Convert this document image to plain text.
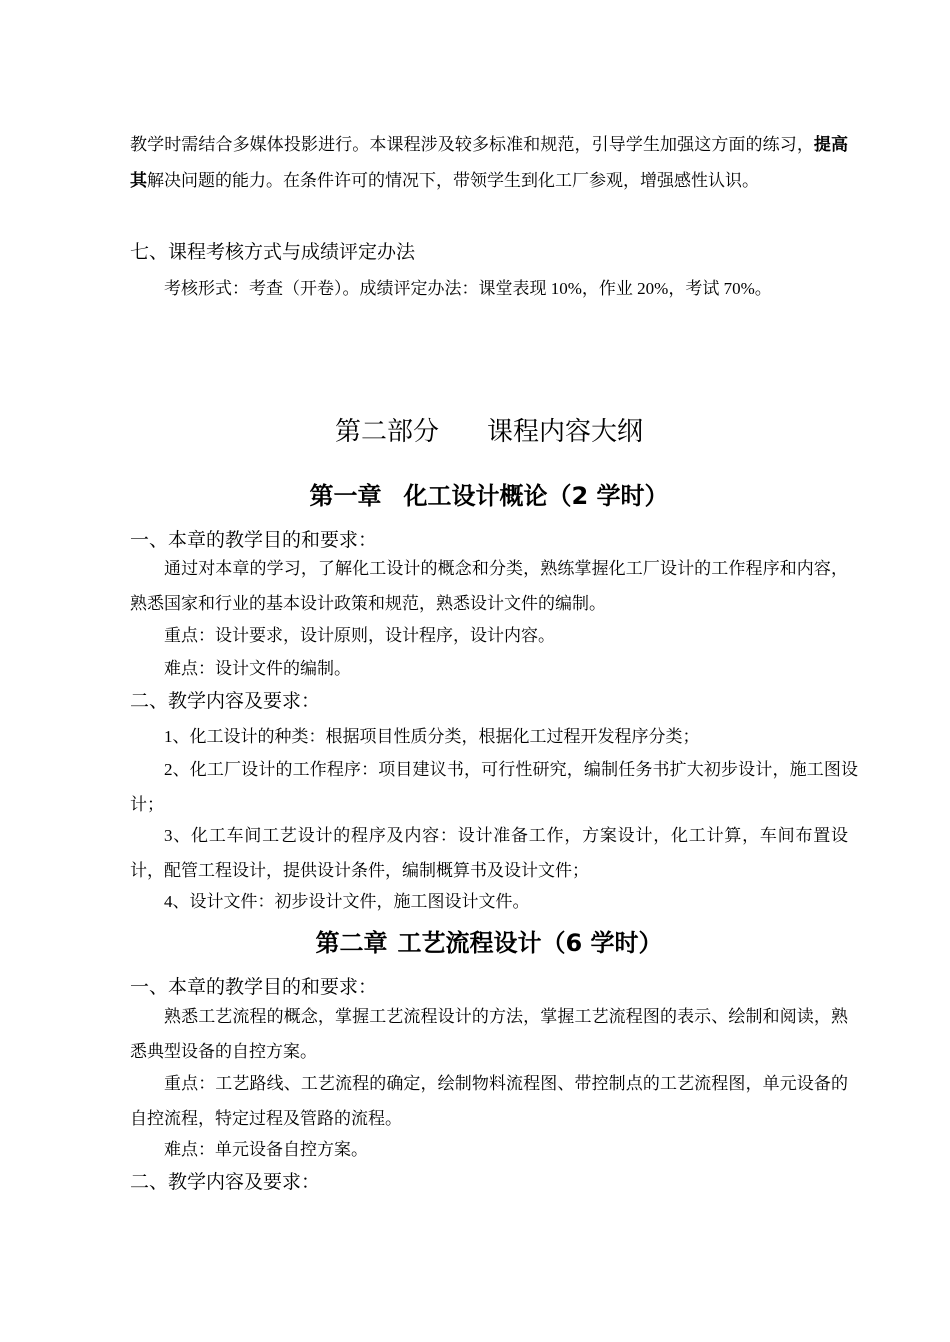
教学时需结合多媒体投影进行。本课程涉及较多标准和规范，引导学生加强这方面的练习，提高其解决问题的能力。在条件许可的情况下，带领学生到化工厂参观，增强感性认识。

七、课程考核方式与成绩评定办法

考核形式：考查（开卷）。成绩评定办法：课堂表现 10%，作业 20%，考试 70%。

第二部分 课程内容大纲
第一章 化工设计概论（2 学时）
一、本章的教学目的和要求：

通过对本章的学习，了解化工设计的概念和分类，熟练掌握化工厂设计的工作程序和内容，熟悉国家和行业的基本设计政策和规范，熟悉设计文件的编制。

重点：设计要求，设计原则，设计程序，设计内容。

难点：设计文件的编制。

二、教学内容及要求：

1、化工设计的种类：根据项目性质分类，根据化工过程开发程序分类；

2、化工厂设计的工作程序：项目建议书，可行性研究，编制任务书扩大初步设计，施工图设计；

3、化工车间工艺设计的程序及内容：设计准备工作，方案设计，化工计算，车间布置设计，配管工程设计，提供设计条件，编制概算书及设计文件；

4、设计文件：初步设计文件，施工图设计文件。

第二章 工艺流程设计（6 学时）
一、本章的教学目的和要求：

熟悉工艺流程的概念，掌握工艺流程设计的方法，掌握工艺流程图的表示、绘制和阅读，熟悉典型设备的自控方案。

重点：工艺路线、工艺流程的确定，绘制物料流程图、带控制点的工艺流程图，单元设备的自控流程，特定过程及管路的流程。

难点：单元设备自控方案。

二、教学内容及要求：
